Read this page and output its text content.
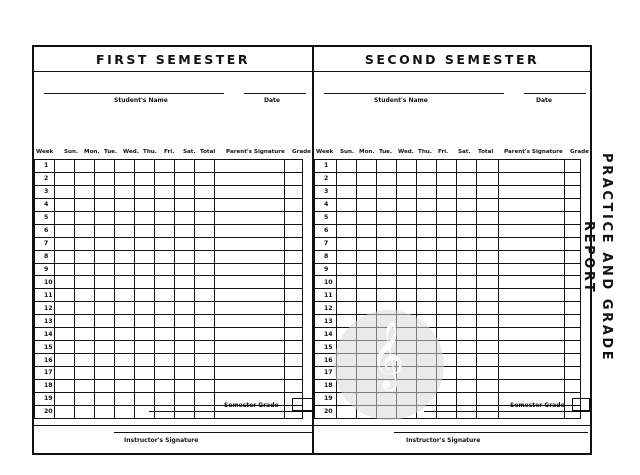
FIRST SEMESTER
Student's Name	Date
Week Sun. Mon. Tue. Wed. Thu. Fri. Sat. Total Parent's Signature Grade
1										
2										
3										
4										
5										
6										
7										
8										
9										
10										
11										
12										
13										
14										
15										
16										
17										
18										
19										
20										
Semester Grade
Instructor's Signature
SECOND SEMESTER
Student's Name	Date
Week Sun. Mon. Tue. Wed. Thu. Fri. Sat. Total Parent's Signature Grade
1										
2										
3										
4										
5										
6										
7										
8										
9										
10										
11										
12										
13										
14										
15										
16										
17										
18										
19										
20										
Semester Grade
Instructor's Signature
PRACTICE AND GRADE REPORT
𝄞
